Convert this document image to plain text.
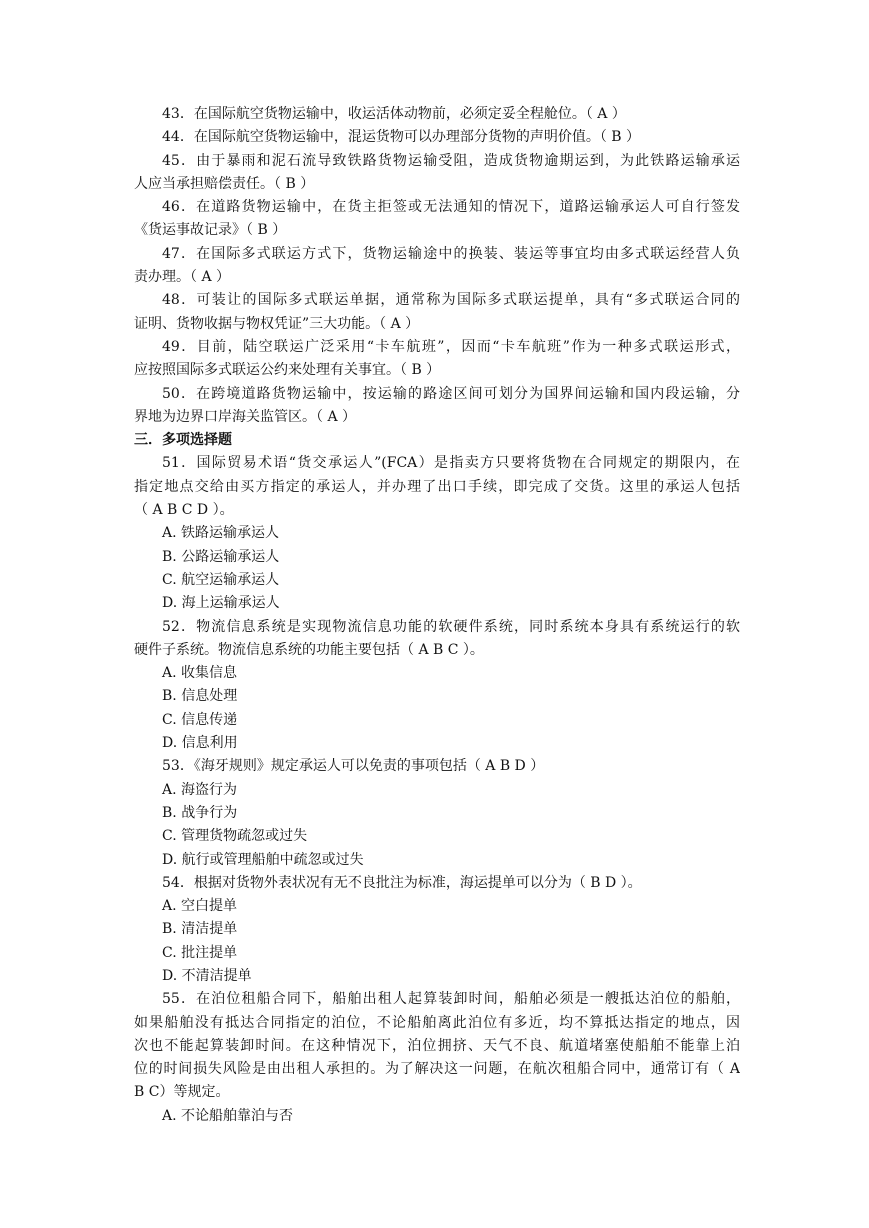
43．在国际航空货物运输中，收运活体动物前，必须定妥全程舱位。（ A ）
44．在国际航空货物运输中，混运货物可以办理部分货物的声明价值。（ B ）
45．由于暴雨和泥石流导致铁路货物运输受阻，造成货物逾期运到，为此铁路运输承运
人应当承担赔偿责任。（ B ）
46．在道路货物运输中，在货主拒签或无法通知的情况下，道路运输承运人可自行签发
《货运事故记录》（ B ）
47．在国际多式联运方式下，货物运输途中的换装、装运等事宜均由多式联运经营人负
责办理。（ A ）
48．可装让的国际多式联运单据，通常称为国际多式联运提单，具有“多式联运合同的
证明、货物收据与物权凭证”三大功能。（ A ）
49．目前，陆空联运广泛采用“卡车航班”，因而“卡车航班”作为一种多式联运形式，
应按照国际多式联运公约来处理有关事宜。（ B ）
50．在跨境道路货物运输中，按运输的路途区间可划分为国界间运输和国内段运输，分
界地为边界口岸海关监管区。（ A ）
三．多项选择题
51．国际贸易术语“货交承运人”(FCA）是指卖方只要将货物在合同规定的期限内，在
指定地点交给由买方指定的承运人，并办理了出口手续，即完成了交货。这里的承运人包括
（ A B C D ）。
A. 铁路运输承运人
B. 公路运输承运人
C. 航空运输承运人
D. 海上运输承运人
52．物流信息系统是实现物流信息功能的软硬件系统，同时系统本身具有系统运行的软
硬件子系统。物流信息系统的功能主要包括（ A B C ）。
A. 收集信息
B. 信息处理
C. 信息传递
D. 信息利用
53．《海牙规则》规定承运人可以免责的事项包括（ A B D ）
A. 海盗行为
B. 战争行为
C. 管理货物疏忽或过失
D. 航行或管理船舶中疏忽或过失
54．根据对货物外表状况有无不良批注为标准，海运提单可以分为（ B D ）。
A. 空白提单
B. 清洁提单
C. 批注提单
D. 不清洁提单
55．在泊位租船合同下，船舶出租人起算装卸时间，船舶必须是一艘抵达泊位的船舶，
如果船舶没有抵达合同指定的泊位，不论船舶离此泊位有多近，均不算抵达指定的地点，因
次也不能起算装卸时间。在这种情况下，泊位拥挤、天气不良、航道堵塞使船舶不能靠上泊
位的时间损失风险是由出租人承担的。为了解决这一问题，在航次租船合同中，通常订有（ A
B C）等规定。
A. 不论船舶靠泊与否
